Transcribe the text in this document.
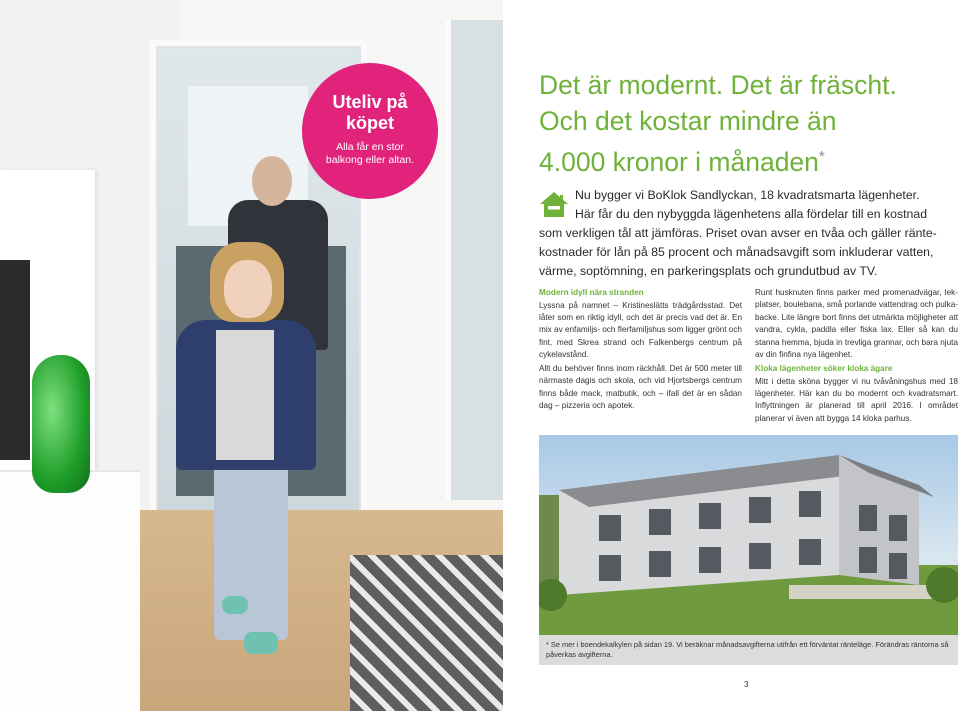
Uteliv på
köpet
Alla får en stor
balkong eller altan.
Det är modernt. Det är fräscht.
Och det kostar mindre än
4.000 kronor i månaden*
Nu bygger vi BoKlok Sandlyckan, 18 kvadratsmarta lägenheter.
Här får du den nybyggda lägenhetens alla fördelar till en kostnad
som verkligen tål att jämföras. Priset ovan avser en tvåa och gäller ränte-kostnader för lån på 85 procent och månadsavgift som inkluderar vatten, värme, soptömning, en parkeringsplats och grundutbud av TV.
Modern idyll nära stranden

Lyssna på namnet – Kristineslätts trädgårdsstad. Det låter som en riktig idyll, och det är precis vad det är. En mix av enfamiljs- och flerfamiljshus som ligger grönt och fint, med Skrea strand och Falkenbergs centrum på cykelavstånd.

Allt du behöver finns inom räckhåll. Det är 500 meter till närmaste dagis och skola, och vid Hjortsbergs centrum finns både mack, matbutik, och – ifall det är en sådan dag – pizzeria och apotek.

Runt husknuten finns parker med promenadvägar, lek-platser, boulebana, små porlande vattendrag och pulka-backe. Lite längre bort finns det utmärkta möjligheter att vandra, cykla, paddla eller fiska lax. Eller så kan du stanna hemma, bjuda in trevliga grannar, och bara njuta av din finfina nya lägenhet.

Kloka lägenheter söker kloka ägare

Mitt i detta sköna bygger vi nu tvåvåningshus med 18 lägenheter. Här kan du bo modernt och kvadratsmart. Inflyttningen är planerad till april 2016. I området planerar vi även att bygga 14 kloka parhus.

* Se mer i boendekalkylen på sidan 19. Vi beräknar månadsavgifterna utifrån ett förväntat ränteläge. Förändras räntorna så påverkas avgifterna.
3
